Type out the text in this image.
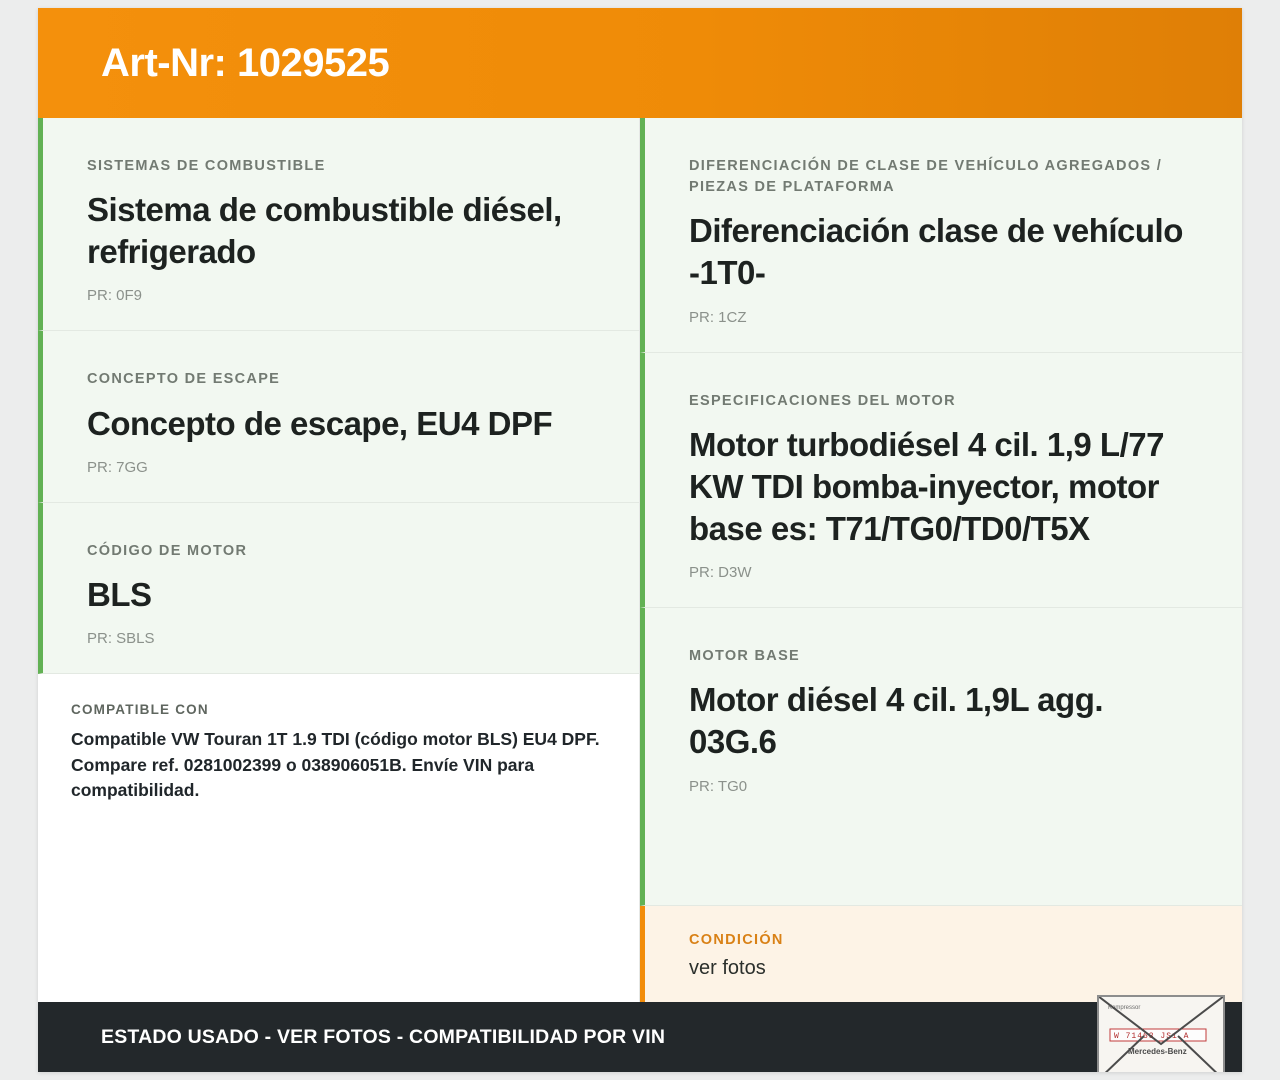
Art-Nr: 1029525
SISTEMAS DE COMBUSTIBLE
Sistema de combustible diésel, refrigerado
PR: 0F9
CONCEPTO DE ESCAPE
Concepto de escape, EU4 DPF
PR: 7GG
CÓDIGO DE MOTOR
BLS
PR: SBLS
COMPATIBLE CON
Compatible VW Touran 1T 1.9 TDI (código motor BLS) EU4 DPF. Compare ref. 0281002399 o 038906051B. Envíe VIN para compatibilidad.
DIFERENCIACIÓN DE CLASE DE VEHÍCULO AGREGADOS / PIEZAS DE PLATAFORMA
Diferenciación clase de vehículo -1T0-
PR: 1CZ
ESPECIFICACIONES DEL MOTOR
Motor turbodiésel 4 cil. 1,9 L/77 KW TDI bomba-inyector, motor base es: T71/TG0/TD0/T5X
PR: D3W
MOTOR BASE
Motor diésel 4 cil. 1,9L agg. 03G.6
PR: TG0
CONDICIÓN
ver fotos
ESTADO USADO - VER FOTOS - COMPATIBILIDAD POR VIN
Kompressor
W 71463 JS1 A
Mercedes-Benz
